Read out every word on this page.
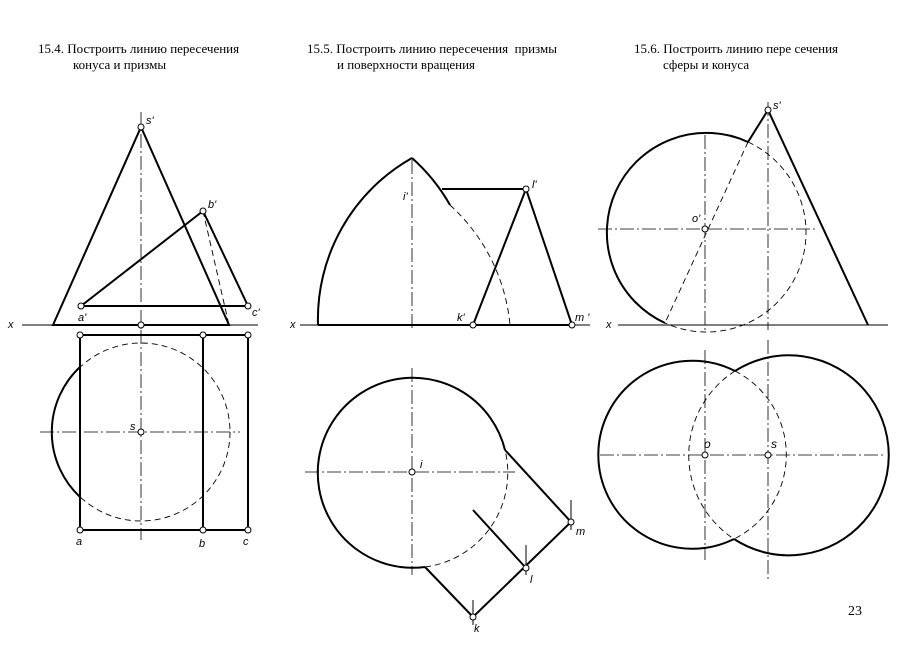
15.4. Построить линию пересечения
конуса и призмы
15.5. Построить линию пересечения  призмы
и поверхности вращения
15.6. Построить линию пере сечения
сферы и конуса
x
s'
b'
a'	c'
s
a	b	c
x
i'
l'
k'	m '
i
m
l
k
x
s'
o'
o	s
23
